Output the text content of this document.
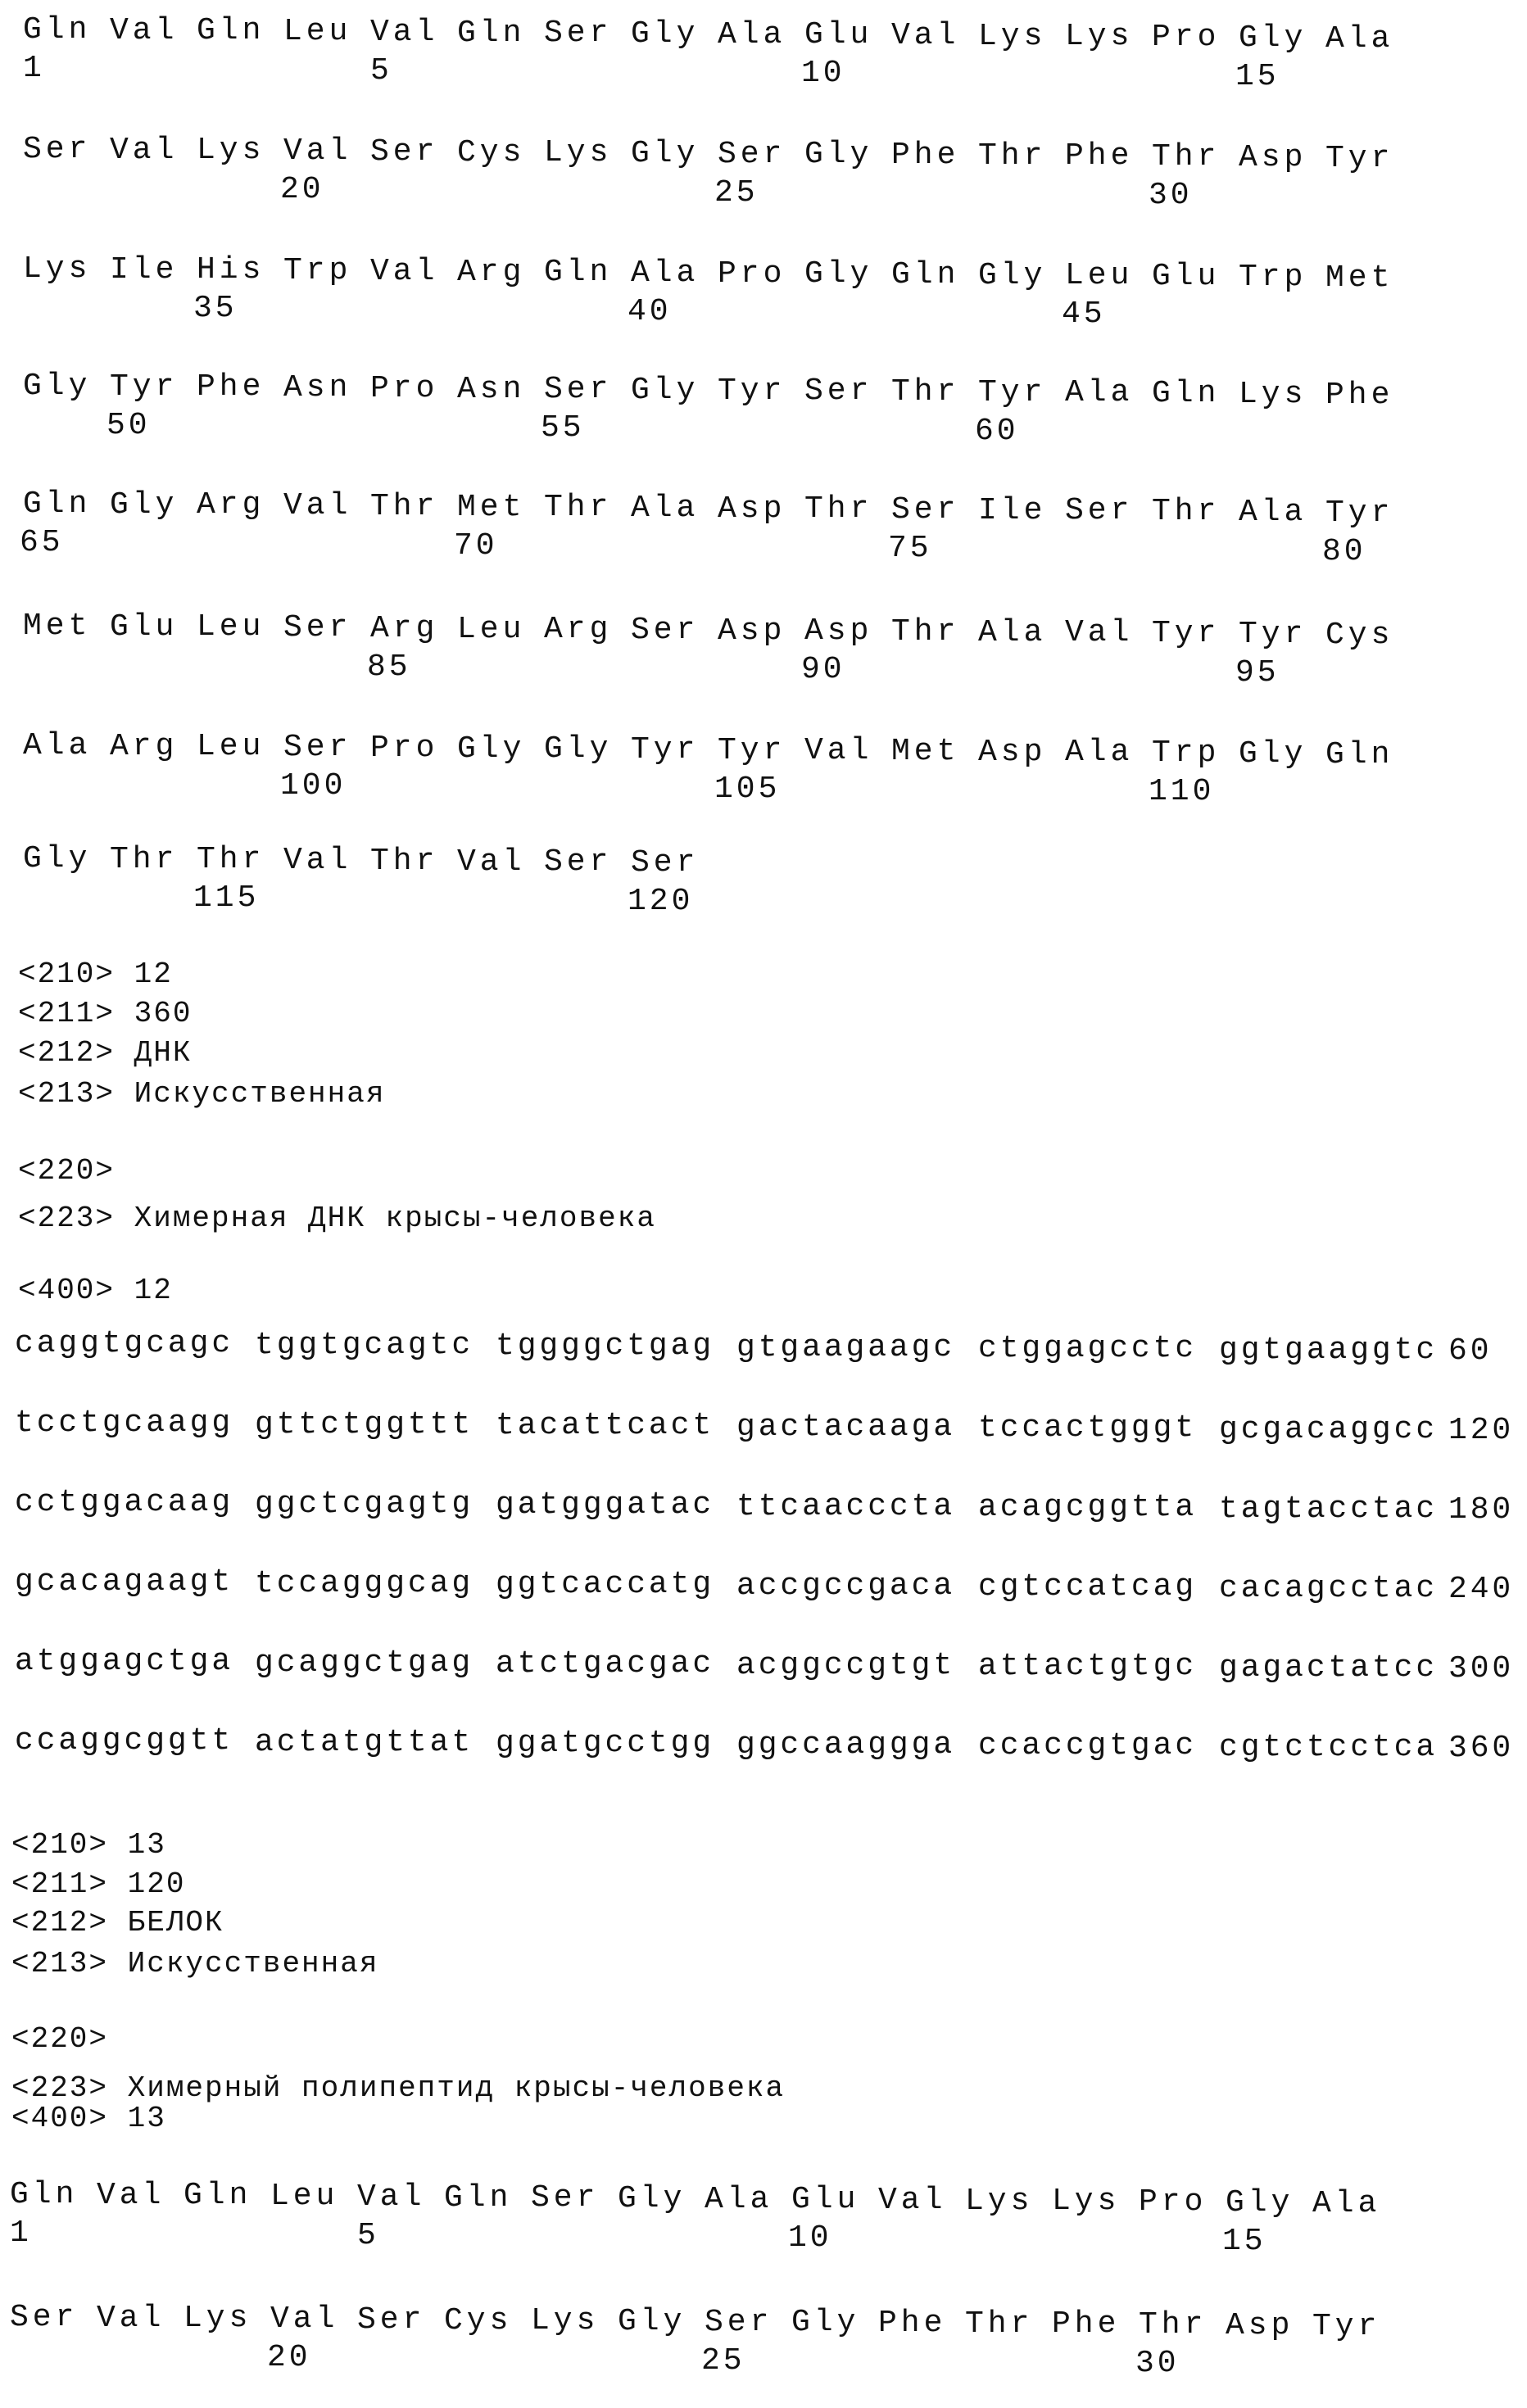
Gln Val Gln Leu Val Gln Ser Gly Ala Glu Val Lys Lys Pro Gly Ala
1	5	10	15
Ser Val Lys Val Ser Cys Lys Gly Ser Gly Phe Thr Phe Thr Asp Tyr
20	25	30
Lys Ile His Trp Val Arg Gln Ala Pro Gly Gln Gly Leu Glu Trp Met
35	40	45
Gly Tyr Phe Asn Pro Asn Ser Gly Tyr Ser Thr Tyr Ala Gln Lys Phe
50	55	60
Gln Gly Arg Val Thr Met Thr Ala Asp Thr Ser Ile Ser Thr Ala Tyr
65	70	75	80
Met Glu Leu Ser Arg Leu Arg Ser Asp Asp Thr Ala Val Tyr Tyr Cys
85	90	95
Ala Arg Leu Ser Pro Gly Gly Tyr Tyr Val Met Asp Ala Trp Gly Gln
100	105	110
Gly Thr Thr Val Thr Val Ser Ser
115	120
<210> 12
<211> 360
<212> ДНК
<213> Искусственная
<220>
<223> Химерная ДНК крысы-человека
<400> 12
caggtgcagc tggtgcagtc tggggctgag gtgaagaagc ctggagcctc ggtgaaggtc 60
tcctgcaagg gttctggttt tacattcact gactacaaga tccactgggt gcgacaggcc 120
cctggacaag ggctcgagtg gatgggatac ttcaacccta acagcggtta tagtacctac 180
gcacagaagt tccagggcag ggtcaccatg accgccgaca cgtccatcag cacagcctac 240
atggagctga gcaggctgag atctgacgac acggccgtgt attactgtgc gagactatcc 300
ccaggcggtt actatgttat ggatgcctgg ggccaaggga ccaccgtgac cgtctcctca 360
<210> 13
<211> 120
<212> БЕЛОК
<213> Искусственная
<220>
<223> Химерный полипептид крысы-человека
<400> 13
Gln Val Gln Leu Val Gln Ser Gly Ala Glu Val Lys Lys Pro Gly Ala
1	5	10	15
Ser Val Lys Val Ser Cys Lys Gly Ser Gly Phe Thr Phe Thr Asp Tyr
20	25	30
